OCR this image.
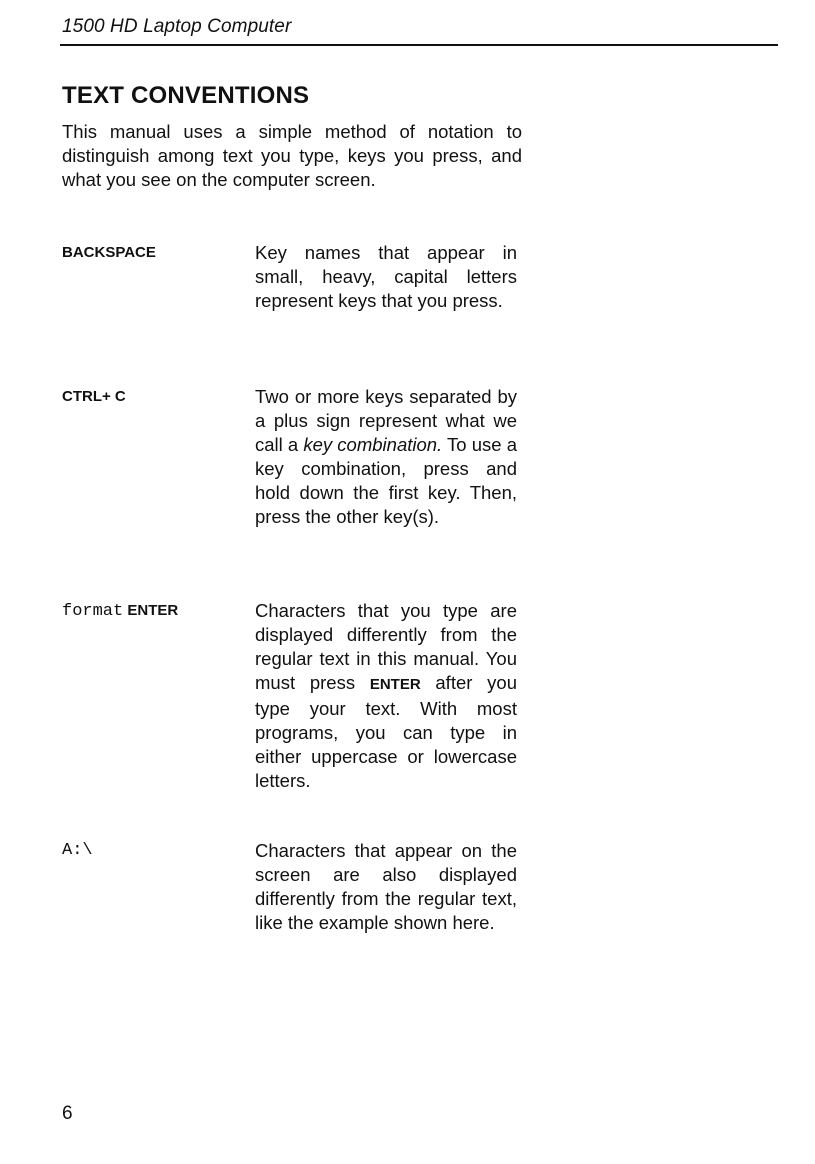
1500 HD Laptop Computer
TEXT CONVENTIONS

This manual uses a simple method of notation to distinguish among text you type, keys you press, and what you see on the computer screen.

BACKSPACE	Key names that appear in small, heavy, capital letters represent keys that you press.

CTRL+ C	Two or more keys separated by a plus sign represent what we call a key combination. To use a key combination, press and hold down the first key. Then, press the other key(s).

format ENTER	Characters that you type are displayed differently from the regular text in this manual. You must press ENTER after you type your text. With most programs, you can type in either uppercase or lowercase letters.

A:\	Characters that appear on the screen are also displayed differently from the regular text, like the example shown here.

6
